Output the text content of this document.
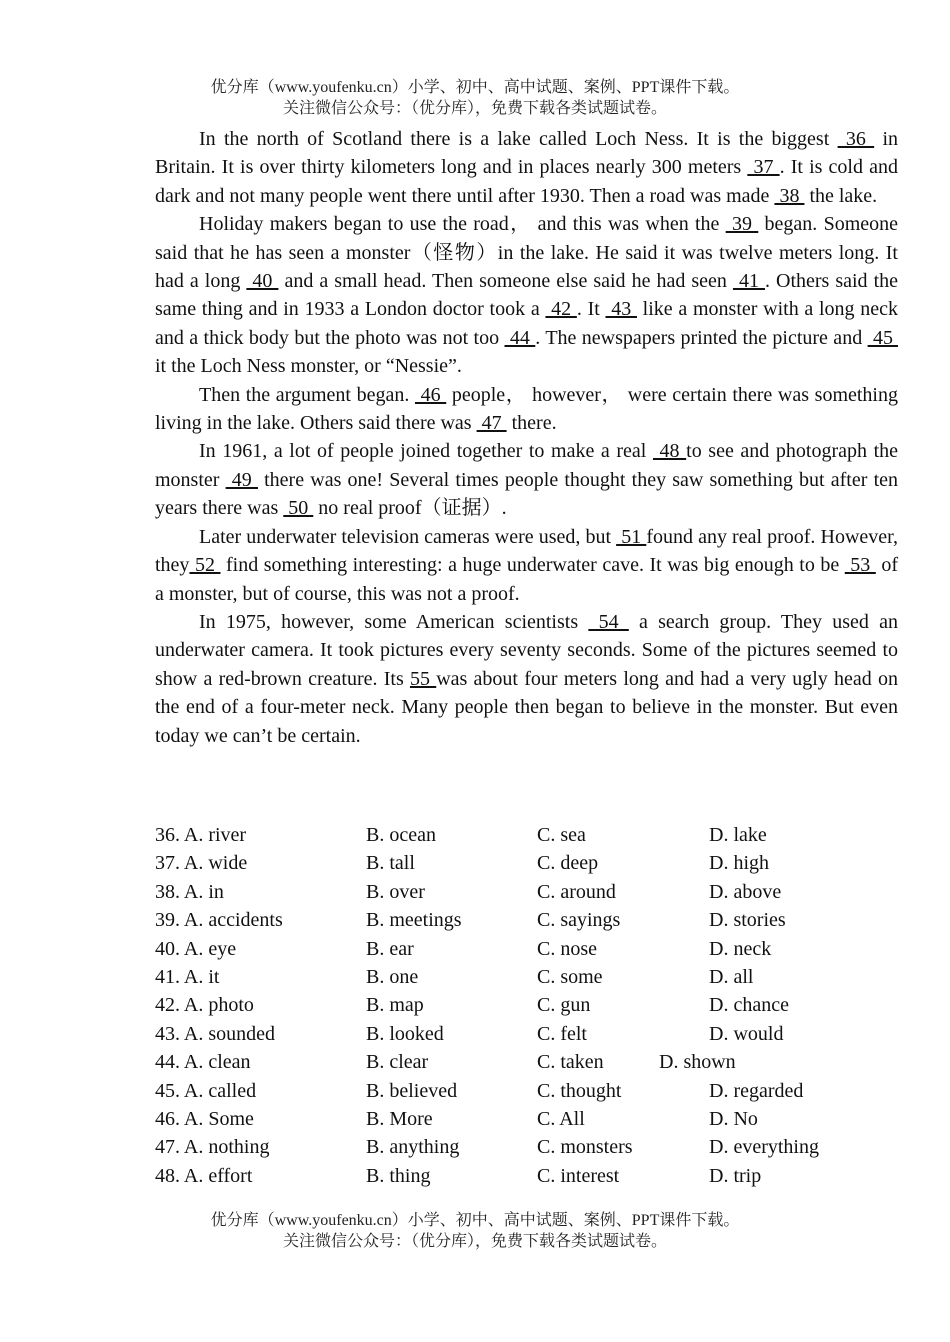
优分库（www.youfenku.cn）小学、初中、高中试题、案例、PPT课件下载。
关注微信公众号：（优分库），免费下载各类试题试卷。

In the north of Scotland there is a lake called Loch Ness. It is the biggest  36  in Britain. It is over thirty kilometers long and in places nearly 300 meters  37 . It is cold and dark and not many people went there until after 1930. Then a road was made  38  the lake.

Holiday makers began to use the road， and this was when the  39  began. Someone said that he has seen a monster（怪物）in the lake. He said it was twelve meters long. It had a long  40  and a small head. Then someone else said he had seen  41 . Others said the same thing and in 1933 a London doctor took a  42 . It  43  like a monster with a long neck and a thick body but the photo was not too  44 . The newspapers printed the picture and  45  it the Loch Ness monster, or “Nessie”.

Then the argument began.  46  people， however， were certain there was something living in the lake. Others said there was  47  there.

In 1961, a lot of people joined together to make a real  48 to see and photograph the monster  49  there was one! Several times people thought they saw something but after ten years there was  50  no real proof（证据）.

Later underwater television cameras were used, but  51 found any real proof. However, they 52  find something interesting: a huge underwater cave. It was big enough to be  53  of a monster, but of course, this was not a proof.

In 1975, however, some American scientists  54  a search group. They used an underwater camera. It took pictures every seventy seconds. Some of the pictures seemed to show a red-brown creature. Its 55 was about four meters long and had a very ugly head on the end of a four-meter neck. Many people then began to believe in the monster. But even today we can’t be certain.

36. A. river	B. ocean	C. sea	D. lake
37. A. wide	B. tall	C. deep	D. high
38. A. in	B. over	C. around	D. above
39. A. accidents	B. meetings	C. sayings	D. stories
40. A. eye	B. ear	C. nose	D. neck
41. A. it	B. one	C. some	D. all
42. A. photo	B. map	C. gun	D. chance
43. A. sounded	B. looked	C. felt	D. would
44. A. clean	B. clear	C. taken	D. shown
45. A. called	B. believed	C. thought	D. regarded
46. A. Some	B. More	C. All	D. No
47. A. nothing	B. anything	C. monsters	D. everything
48. A. effort	B. thing	C. interest	D. trip
优分库（www.youfenku.cn）小学、初中、高中试题、案例、PPT课件下载。
关注微信公众号：（优分库），免费下载各类试题试卷。
